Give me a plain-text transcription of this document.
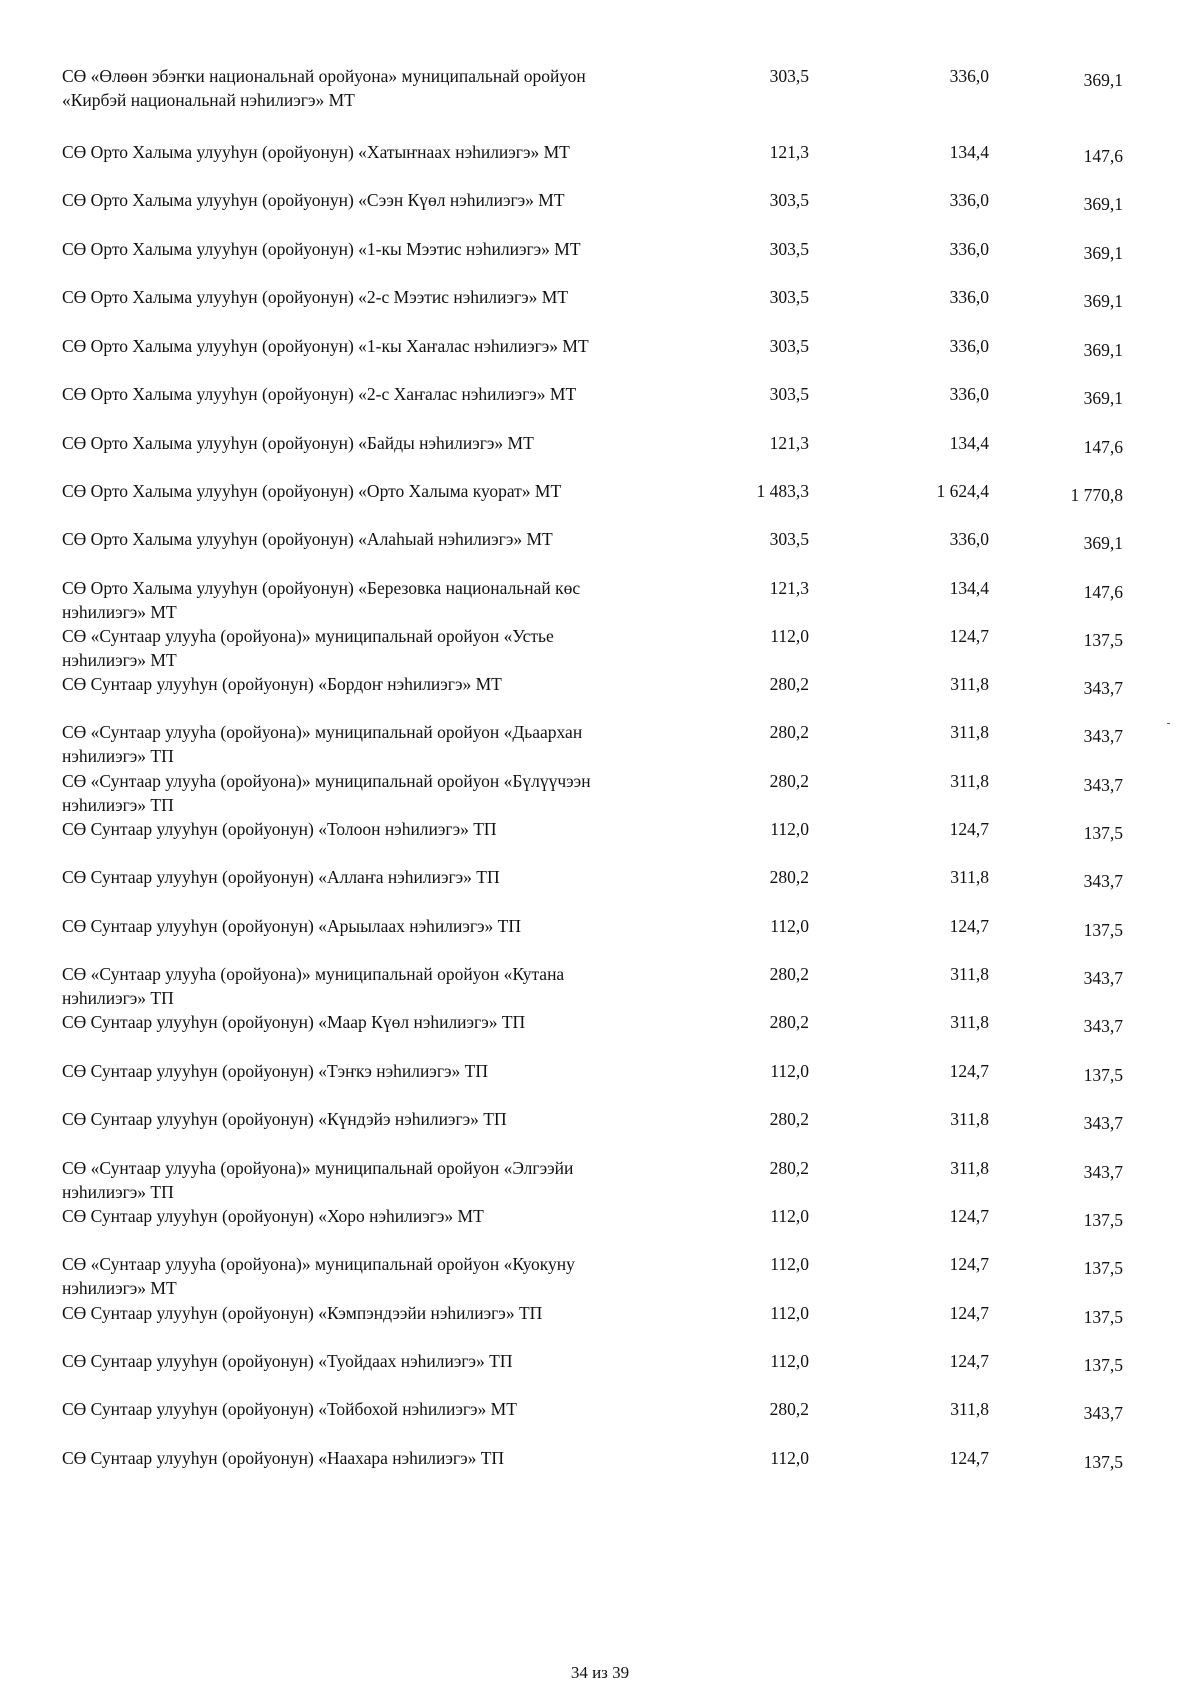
СӨ «Өлөөн эбэҥки национальнай оройуона» муниципальнай оройуон «Кирбэй национальнай нэhилиэгэ» МТ
303,5	336,0	369,1
СӨ Орто Халыма улууһун (оройуонун) «Хатыҥнаах нэhилиэгэ» МТ	121,3	134,4	147,6
СӨ Орто Халыма улууһун (оройуонун) «Сээн Күөл нэhилиэгэ» МТ	303,5	336,0	369,1
СӨ Орто Халыма улууһун (оройуонун) «1-кы Мээтис нэhилиэгэ» МТ	303,5	336,0	369,1
СӨ Орто Халыма улууһун (оройуонун) «2-с Мээтис нэhилиэгэ» МТ	303,5	336,0	369,1
СӨ Орто Халыма улууһун (оройуонун) «1-кы Хаҥалас нэhилиэгэ» МТ	303,5	336,0	369,1
СӨ Орто Халыма улууһун (оройуонун) «2-с Хаҥалас нэhилиэгэ» МТ	303,5	336,0	369,1
СӨ Орто Халыма улууһун (оройуонун) «Байды нэhилиэгэ» МТ	121,3	134,4	147,6
СӨ Орто Халыма улууһун (оройуонун) «Орто Халыма куорат» МТ	1 483,3	1 624,4	1 770,8
СӨ Орто Халыма улууһун (оройуонун) «Алаһыай нэhилиэгэ» МТ	303,5	336,0	369,1
СӨ Орто Халыма улууһун (оройуонун) «Березовка национальнай көс нэhилиэгэ» МТ
121,3	134,4	147,6
СӨ «Сунтаар улууһа (оройуона)» муниципальнай оройуон «Устье нэhилиэгэ» МТ
112,0	124,7	137,5
СӨ Сунтаар улууһун (оройуонун) «Бордоҥ нэhилиэгэ» МТ	280,2	311,8	343,7
СӨ «Сунтаар улууһа (оройуона)» муниципальнай оройуон «Дьаархан нэhилиэгэ» ТП
280,2	311,8	343,7
СӨ «Сунтаар улууһа (оройуона)» муниципальнай оройуон «Бүлүүчээн нэhилиэгэ» ТП
280,2	311,8	343,7
СӨ Сунтаар улууһун (оройуонун) «Толоон нэhилиэгэ» ТП	112,0	124,7	137,5
СӨ Сунтаар улууһун (оройуонун) «Аллаҥа нэhилиэгэ» ТП	280,2	311,8	343,7
СӨ Сунтаар улууһун (оройуонун) «Арыылаах нэhилиэгэ» ТП	112,0	124,7	137,5
СӨ «Сунтаар улууһа (оройуона)» муниципальнай оройуон «Кутана нэhилиэгэ» ТП
280,2	311,8	343,7
СӨ Сунтаар улууһун (оройуонун) «Маар Күөл нэhилиэгэ» ТП	280,2	311,8	343,7
СӨ Сунтаар улууһун (оройуонун) «Тэҥкэ нэhилиэгэ» ТП	112,0	124,7	137,5
СӨ Сунтаар улууһун (оройуонун) «Күндэйэ нэhилиэгэ» ТП	280,2	311,8	343,7
СӨ «Сунтаар улууһа (оройуона)» муниципальнай оройуон «Элгээйи нэhилиэгэ» ТП
280,2	311,8	343,7
СӨ Сунтаар улууһун (оройуонун) «Хоро нэhилиэгэ» МТ	112,0	124,7	137,5
СӨ «Сунтаар улууһа (оройуона)» муниципальнай оройуон «Куокуну нэhилиэгэ» МТ
112,0	124,7	137,5
СӨ Сунтаар улууһун (оройуонун) «Кэмпэндээйи нэhилиэгэ» ТП	112,0	124,7	137,5
СӨ Сунтаар улууһун (оройуонун) «Туойдаах нэhилиэгэ» ТП	112,0	124,7	137,5
СӨ Сунтаар улууһун (оройуонун) «Тойбохой нэhилиэгэ» МТ	280,2	311,8	343,7
СӨ Сунтаар улууһун (оройуонун) «Наахара нэhилиэгэ» ТП	112,0	124,7	137,5
34 из 39
